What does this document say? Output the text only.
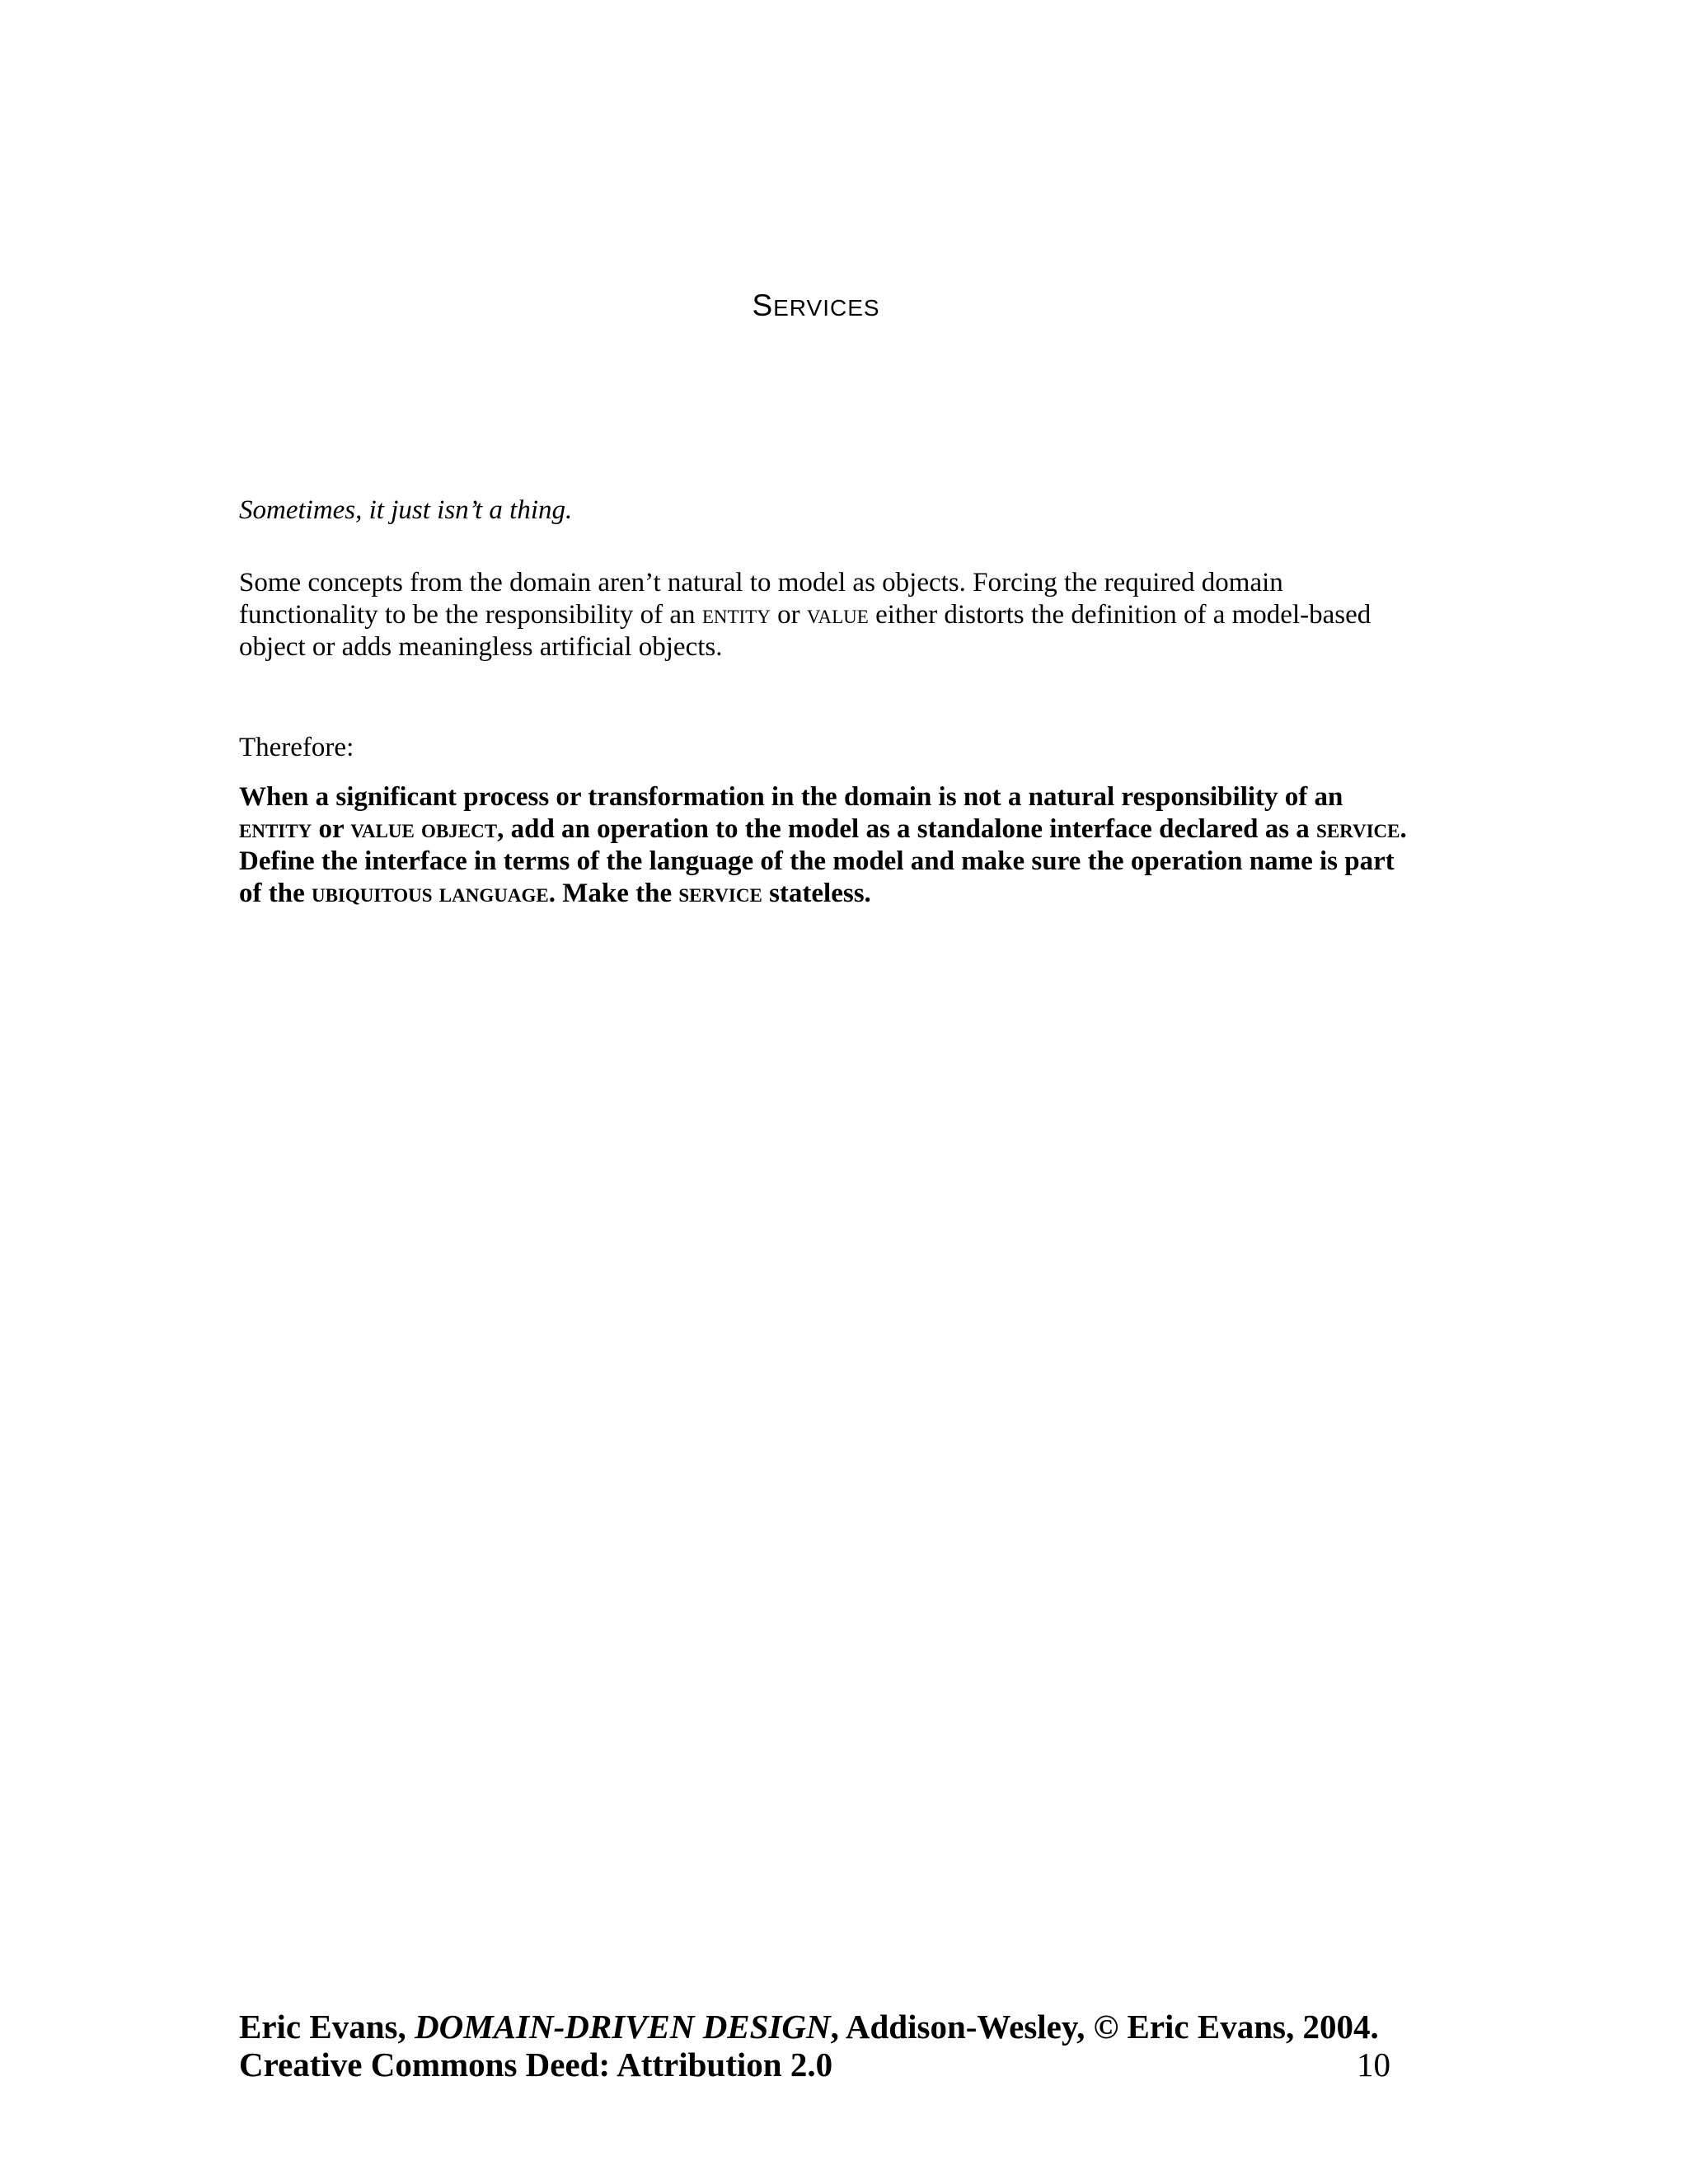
SERVICES
Sometimes, it just isn’t a thing.
Some concepts from the domain aren’t natural to model as objects. Forcing the required domain functionality to be the responsibility of an entity or value either distorts the definition of a model-based object or adds meaningless artificial objects.
Therefore:
When a significant process or transformation in the domain is not a natural responsibility of an entity or value object, add an operation to the model as a standalone interface declared as a service. Define the interface in terms of the language of the model and make sure the operation name is part of the ubiquitous language. Make the service stateless.
Eric Evans, DOMAIN-DRIVEN DESIGN, Addison-Wesley, © Eric Evans, 2004.
Creative Commons Deed: Attribution 2.0	10
